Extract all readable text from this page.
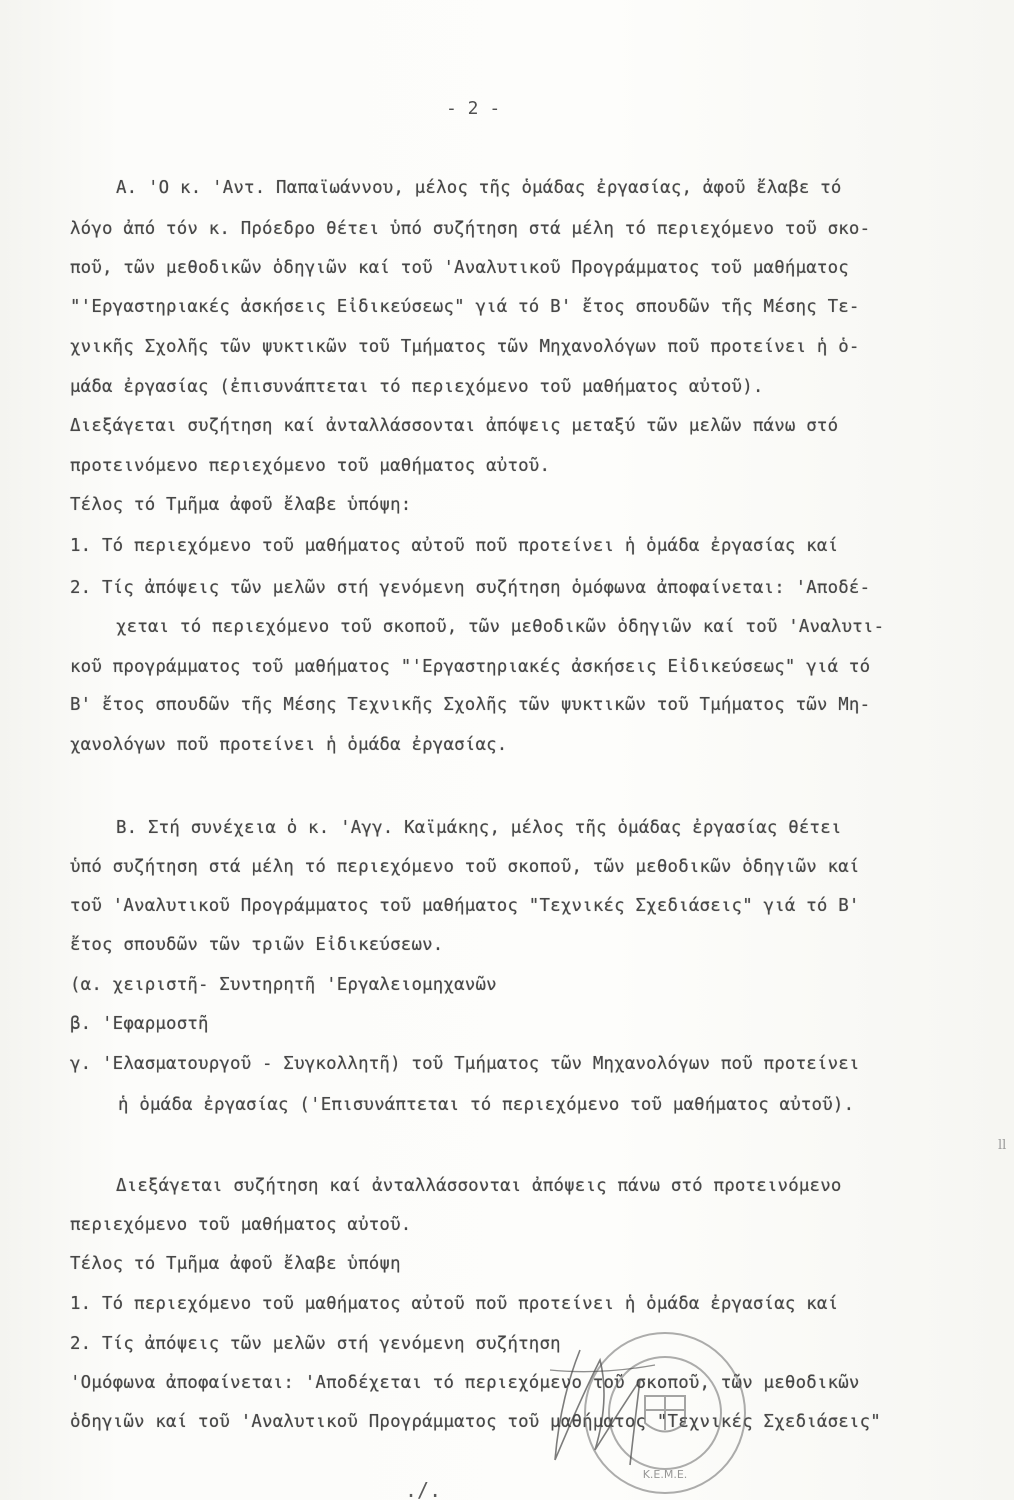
- 2 -
A. 'O κ. 'Aντ. Παπαϊωάννου, μέλος τῆς ὁμάδας ἐργασίας, ἀφοῦ ἔλαβε τό
λόγο ἀπό τόν κ. Πρόεδρο θέτει ὑπό συζήτηση στά μέλη τό περιεχόμενο τοῦ σκο-
ποῦ, τῶν μεθοδικῶν ὁδηγιῶν καί τοῦ 'Αναλυτικοῦ Προγράμματος τοῦ μαθήματος
"'Εργαστηριακές ἀσκήσεις Εἰδικεύσεως" γιά τό Β' ἔτος σπουδῶν τῆς Μέσης Τε-
χνικῆς Σχολῆς τῶν ψυκτικῶν τοῦ Τμήματος τῶν Μηχανολόγων ποῦ προτείνει ἡ ὁ-
μάδα ἐργασίας (ἐπισυνάπτεται τό περιεχόμενο τοῦ μαθήματος αὐτοῦ).
Διεξάγεται συζήτηση καί ἀνταλλάσσονται ἀπόψεις μεταξύ τῶν μελῶν πάνω στό
προτεινόμενο περιεχόμενο τοῦ μαθήματος αὐτοῦ.
Τέλος τό Τμῆμα ἀφοῦ ἔλαβε ὑπόψη:
1. Τό περιεχόμενο τοῦ μαθήματος αὐτοῦ ποῦ προτείνει ἡ ὁμάδα ἐργασίας καί
2. Τίς ἀπόψεις τῶν μελῶν στή γενόμενη συζήτηση ὁμόφωνα ἀποφαίνεται: 'Αποδέ-
χεται τό περιεχόμενο τοῦ σκοποῦ, τῶν μεθοδικῶν ὁδηγιῶν καί τοῦ 'Αναλυτι-
κοῦ προγράμματος τοῦ μαθήματος "'Εργαστηριακές ἀσκήσεις Εἰδικεύσεως" γιά τό
Β' ἔτος σπουδῶν τῆς Μέσης Τεχνικῆς Σχολῆς τῶν ψυκτικῶν τοῦ Τμήματος τῶν Μη-
χανολόγων ποῦ προτείνει ἡ ὁμάδα ἐργασίας.
Β. Στή συνέχεια ὁ κ. 'Αγγ. Καϊμάκης, μέλος τῆς ὁμάδας ἐργασίας θέτει
ὑπό συζήτηση στά μέλη τό περιεχόμενο τοῦ σκοποῦ, τῶν μεθοδικῶν ὁδηγιῶν καί
τοῦ 'Αναλυτικοῦ Προγράμματος τοῦ μαθήματος "Τεχνικές Σχεδιάσεις" γιά τό Β'
ἔτος σπουδῶν τῶν τριῶν Εἰδικεύσεων.
(α. χειριστῆ- Συντηρητῆ 'Εργαλειομηχανῶν
β. 'Εφαρμοστῆ
γ. 'Ελασματουργοῦ - Συγκολλητῆ) τοῦ Τμήματος τῶν Μηχανολόγων ποῦ προτείνει
ἡ ὁμάδα ἐργασίας ('Επισυνάπτεται τό περιεχόμενο τοῦ μαθήματος αὐτοῦ).
Διεξάγεται συζήτηση καί ἀνταλλάσσονται ἀπόψεις πάνω στό προτεινόμενο
περιεχόμενο τοῦ μαθήματος αὐτοῦ.
Τέλος τό Τμῆμα ἀφοῦ ἔλαβε ὑπόψη
1. Τό περιεχόμενο τοῦ μαθήματος αὐτοῦ ποῦ προτείνει ἡ ὁμάδα ἐργασίας καί
2. Τίς ἀπόψεις τῶν μελῶν στή γενόμενη συζήτηση
'Ομόφωνα ἀποφαίνεται: 'Αποδέχεται τό περιεχόμενο τοῦ σκοποῦ, τῶν μεθοδικῶν
ὁδηγιῶν καί τοῦ 'Αναλυτικοῦ Προγράμματος τοῦ μαθήματος "Τεχνικές Σχεδιάσεις"
Κ.Ε.Μ.Ε.
./.
ll
